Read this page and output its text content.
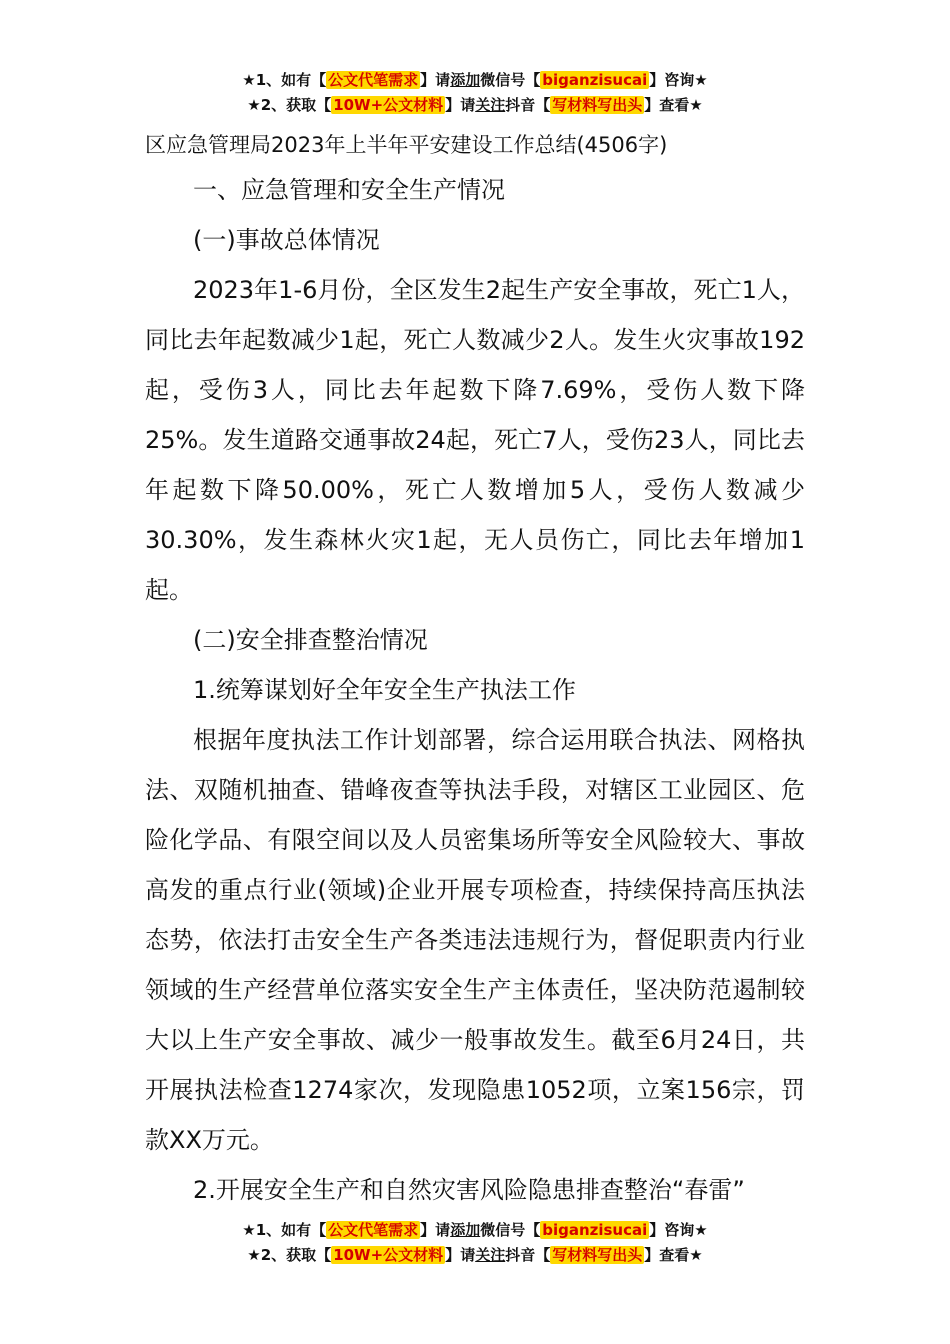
★1、如有【 公文代笔需求 】请添加微信号【 biganzisucai 】咨询★
★2、获取【 10W+公文材料 】请关注抖音【 写材料写出头 】查看★

区应急管理局2023年上半年平安建设工作总结(4506字)

一、应急管理和安全生产情况

(一)事故总体情况

2023年1-6月份，全区发生2起生产安全事故，死亡1人，同比去年起数减少1起，死亡人数减少2人。发生火灾事故192起，受伤3人，同比去年起数下降7.69%，受伤人数下降25%。发生道路交通事故24起，死亡7人，受伤23人，同比去年起数下降50.00%，死亡人数增加5人，受伤人数减少30.30%，发生森林火灾1起，无人员伤亡，同比去年增加1起。

(二)安全排查整治情况

1.统筹谋划好全年安全生产执法工作

根据年度执法工作计划部署，综合运用联合执法、网格执法、双随机抽查、错峰夜查等执法手段，对辖区工业园区、危险化学品、有限空间以及人员密集场所等安全风险较大、事故高发的重点行业(领域)企业开展专项检查，持续保持高压执法态势，依法打击安全生产各类违法违规行为，督促职责内行业领域的生产经营单位落实安全生产主体责任，坚决防范遏制较大以上生产安全事故、减少一般事故发生。截至6月24日，共开展执法检查1274家次，发现隐患1052项，立案156宗，罚款XX万元。

2.开展安全生产和自然灾害风险隐患排查整治“春雷”

★1、如有【 公文代笔需求 】请添加微信号【 biganzisucai 】咨询★
★2、获取【 10W+公文材料 】请关注抖音【 写材料写出头 】查看★
